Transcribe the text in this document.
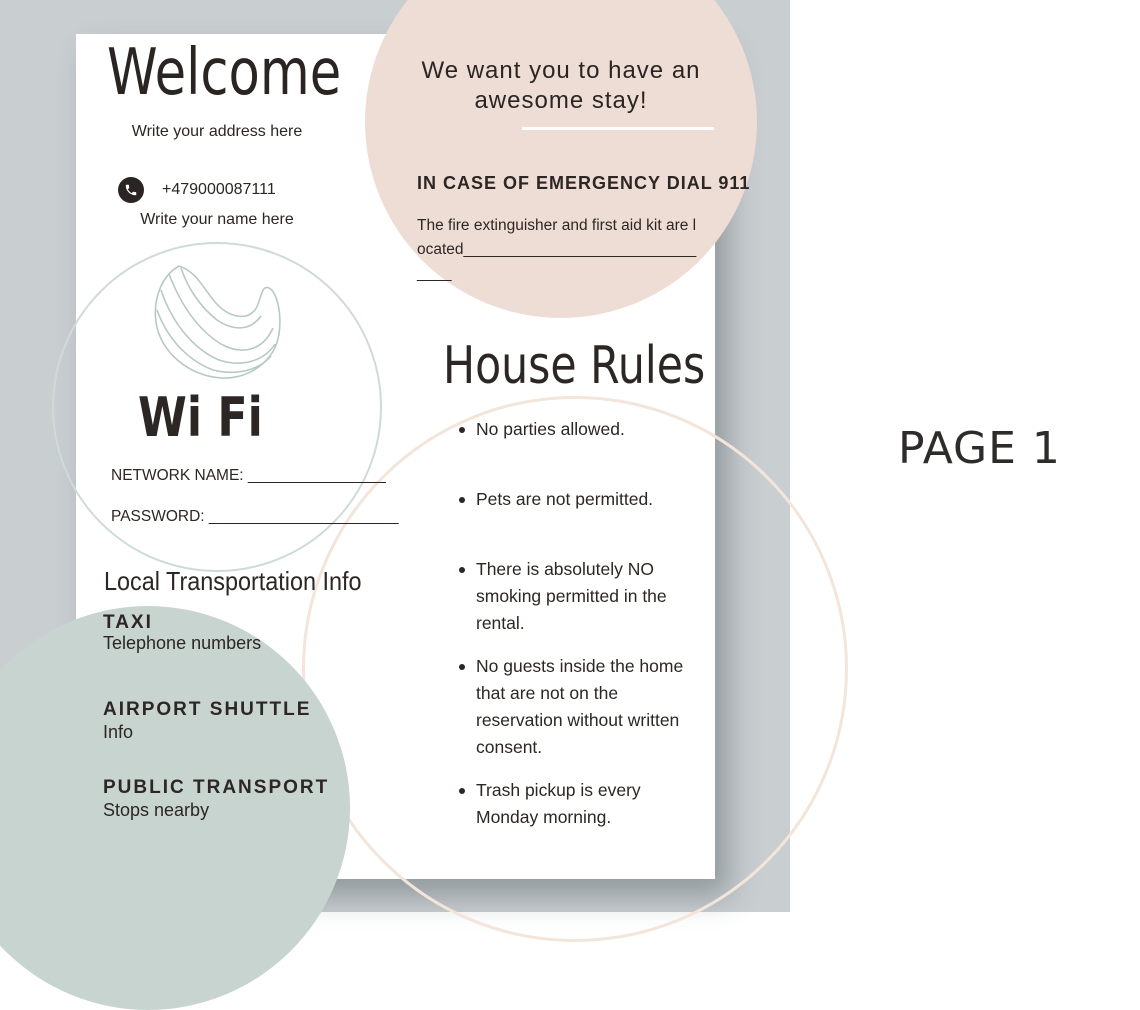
PAGE 1
Welcome
Write your address here
+479000087111
Write your name here
Wi Fi
NETWORK NAME: ________________
PASSWORD: ______________________
We want you to have an awesome stay!
IN CASE OF EMERGENCY DIAL 911
The fire extinguisher and first aid kit are located_______________________________
House Rules
No parties allowed.
Pets are not permitted.
There is absolutely NO smoking permitted in the rental.
No guests inside the home that are not on the reservation without written consent.
Trash pickup is every Monday morning.
Local Transportation Info
TAXI
Telephone numbers
AIRPORT SHUTTLE
Info
PUBLIC TRANSPORT
Stops nearby
